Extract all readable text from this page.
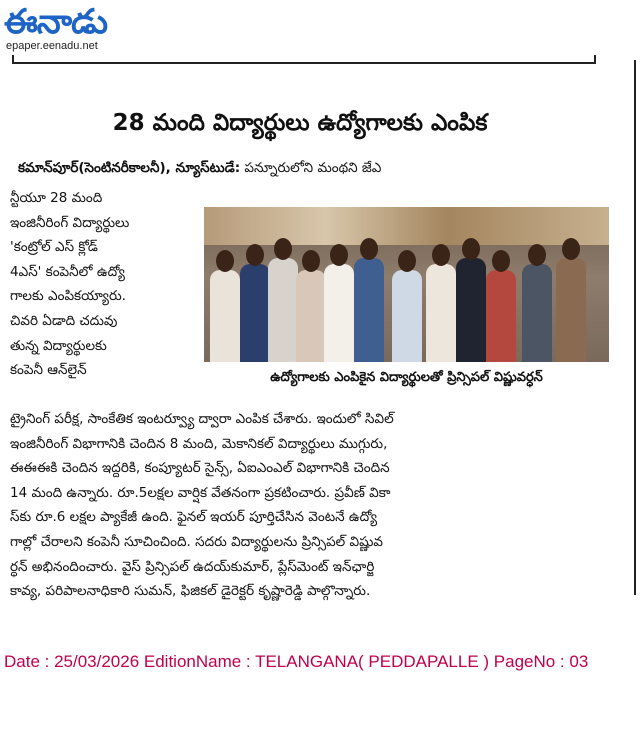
ఈనాడు
epaper.eenadu.net
28 మంది విద్యార్థులు ఉద్యోగాలకు ఎంపిక
కమాన్‌పూర్(సెంటినరీకాలనీ), న్యూస్‌టుడే: పన్నూరులోని మంథని జేఎ
న్టీయూ 28 మంది
ఇంజినీరింగ్ విద్యార్థులు
'కంట్రోల్ ఎస్ క్లోడ్
4ఎస్' కంపెనీలో ఉద్యో
గాలకు ఎంపికయ్యారు.
చివరి ఏడాది చదువు
తున్న విద్యార్థులకు
కంపెనీ ఆన్‌లైన్
ట్రైనింగ్ పరీక్ష, సాంకేతిక ఇంటర్వ్యూ ద్వారా ఎంపిక చేశారు. ఇందులో సివిల్
ఇంజినీరింగ్ విభాగానికి చెందిన 8 మంది, మెకానికల్ విద్యార్థులు ముగ్గురు,
ఈఈఈకి చెందిన ఇద్దరికి, కంప్యూటర్ సైన్స్, ఏఐఎంఎల్ విభాగానికి చెందిన
14 మంది ఉన్నారు. రూ.5లక్షల వార్షిక వేతనంగా ప్రకటించారు. ప్రవీణ్ వికా
స్‌కు రూ.6 లక్షల ప్యాకేజీ ఉంది. ఫైనల్ ఇయర్ పూర్తిచేసిన వెంటనే ఉద్యో
గాల్లో చేరాలని కంపెనీ సూచించింది. సదరు విద్యార్థులను ప్రిన్సిపల్ విష్ణువ
ర్ధన్ అభినందించారు. వైస్ ప్రిన్సిపల్ ఉదయ్‌కుమార్, ప్లేస్‌మెంట్ ఇన్‌ఛార్జి
కావ్య, పరిపాలనాధికారి సుమన్, ఫిజికల్ డైరెక్టర్ కృష్ణారెడ్డి పాల్గొన్నారు.
ఉద్యోగాలకు ఎంపికైన విద్యార్థులతో ప్రిన్సిపల్ విష్ణువర్ధన్
Date : 25/03/2026 EditionName : TELANGANA( PEDDAPALLE ) PageNo : 03
